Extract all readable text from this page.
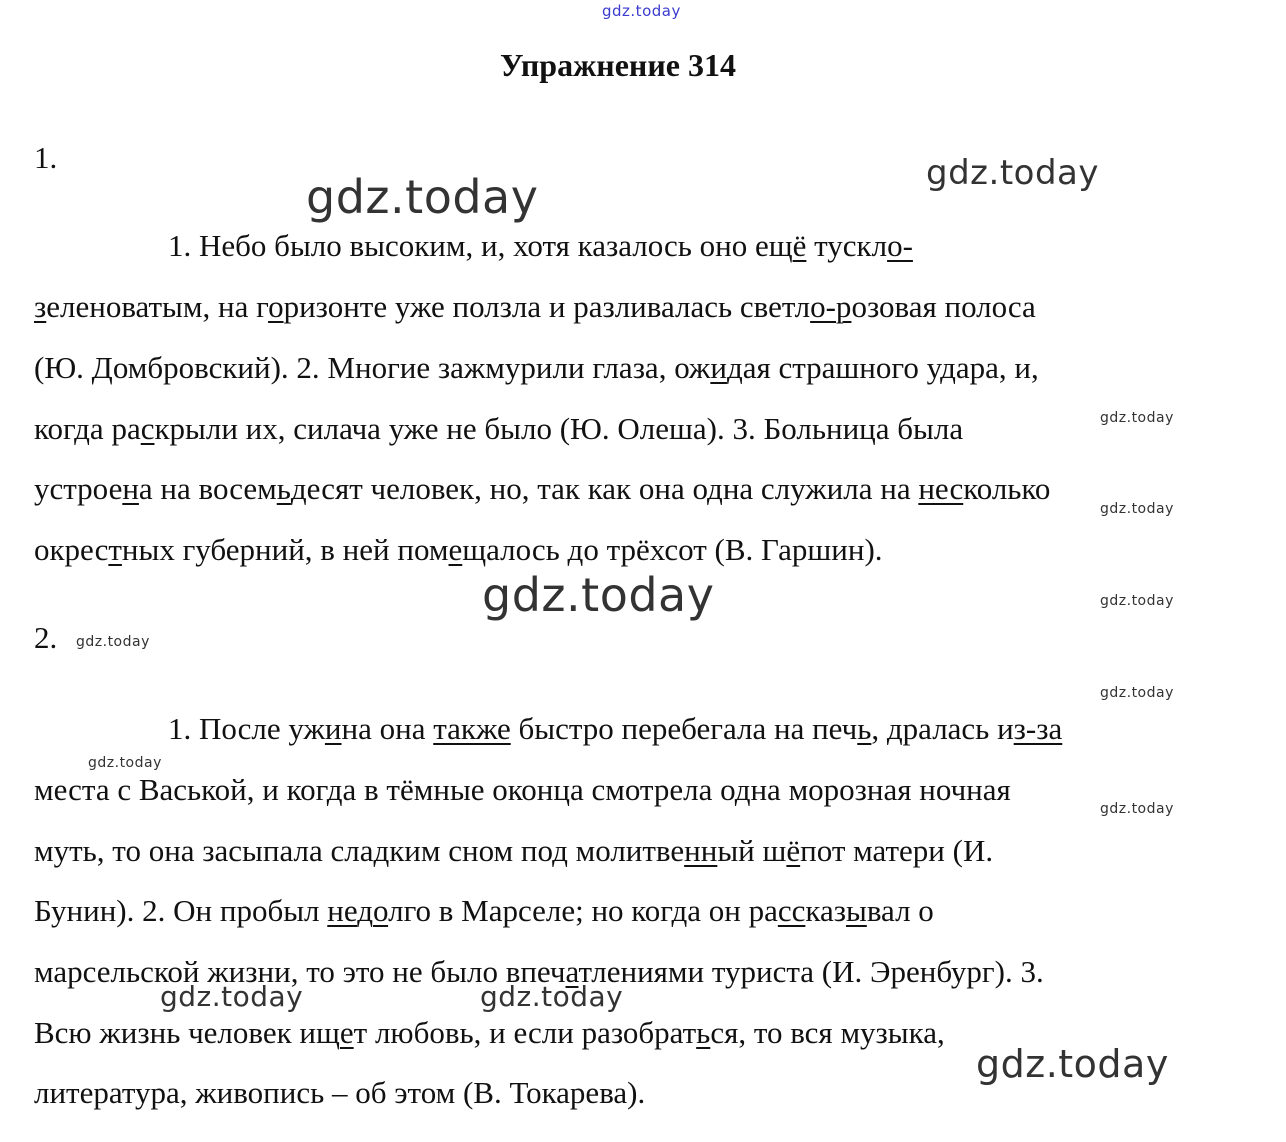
gdz.today
Упражнение 314
1.
gdz.today	gdz.today
1. Небо было высоким, и, хотя казалось оно ещё тускло-
зеленоватым, на горизонте уже ползла и разливалась светло-розовая полоса
(Ю. Домбровский). 2. Многие зажмурили глаза, ожидая страшного удара, и,
когда раскрыли их, силача уже не было (Ю. Олеша). 3. Больница была
устроена на восемьдесят человек, но, так как она одна служила на несколько
окрестных губерний, в ней помещалось до трёхсот (В. Гаршин).
gdz.today
gdz.today
gdz.today	gdz.today
2. gdz.today
gdz.today
gdz.today
gdz.today
1. После ужина она также быстро перебегала на печь, дралась из-за
места с Васькой, и когда в тёмные оконца смотрела одна морозная ночная
муть, то она засыпала сладким сном под молитвенный шёпот матери (И.
Бунин). 2. Он пробыл недолго в Марселе; но когда он рассказывал о
марсельской жизни, то это не было впечатлениями туриста (И. Эренбург). 3.
Всю жизнь человек ищет любовь, и если разобраться, то вся музыка,
литература, живопись – об этом (В. Токарева).
gdz.today	gdz.today
gdz.today
